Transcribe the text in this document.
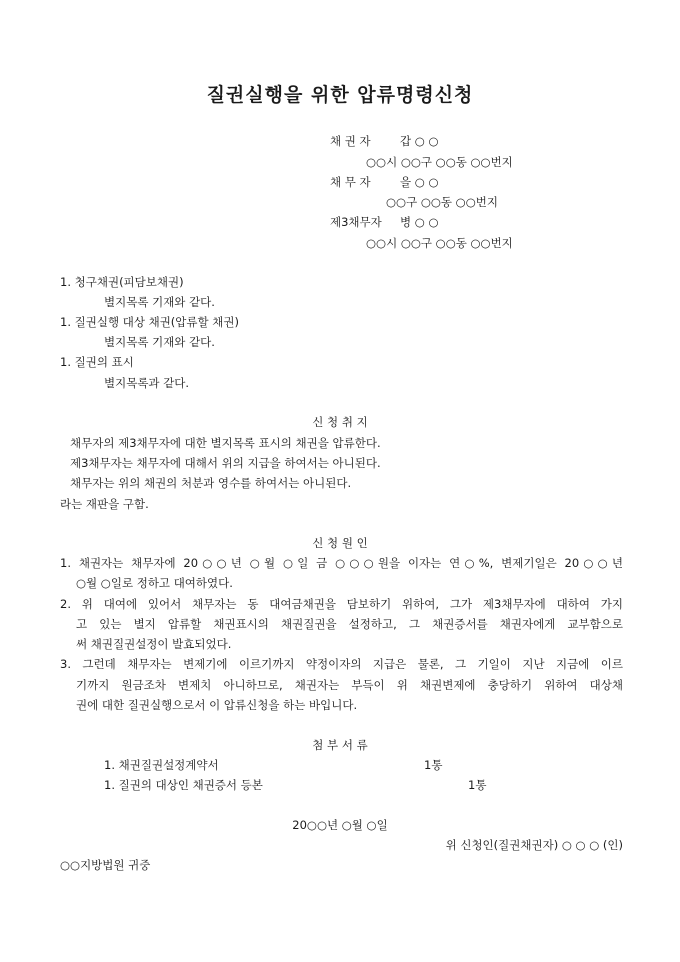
질권실행을 위한 압류명령신청
채 권 자	갑 ○ ○
○○시 ○○구 ○○동 ○○번지
채 무 자	을 ○ ○
○○구 ○○동 ○○번지
제3채무자 병 ○ ○
○○시 ○○구 ○○동 ○○번지
1. 청구채권(피담보채권)
별지목록 기재와 같다.
1. 질권실행 대상 채권(압류할 채권)
별지목록 기재와 같다.
1. 질권의 표시
별지목록과 같다.
신 청 취 지
채무자의 제3채무자에 대한 별지목록 표시의 채권을 압류한다.
제3채무자는 채무자에 대해서 위의 지급을 하여서는 아니된다.
채무자는 위의 채권의 처분과 영수를 하여서는 아니된다.
라는 재판을 구함.
신 청 원 인
1. 채권자는 채무자에 20○○년 ○월 ○일 금 ○○○원을 이자는 연○%, 변제기일은 20○○년
○월 ○일로 정하고 대여하였다.
2. 위 대여에 있어서 채무자는 동 대여금채권을 담보하기 위하여, 그가 제3채무자에 대하여 가지
고 있는 별지 압류할 채권표시의 채권질권을 설정하고, 그 채권증서를 채권자에게 교부함으로
써 채권질권설정이 발효되었다.
3. 그런데 채무자는 변제기에 이르기까지 약정이자의 지급은 물론, 그 기일이 지난 지금에 이르
기까지 원금조차 변제치 아니하므로, 채권자는 부득이 위 채권변제에 충당하기 위하여 대상채
권에 대한 질권실행으로서 이 압류신청을 하는 바입니다.
첨 부 서 류
1. 채권질권설정계약서	1통
1. 질권의 대상인 채권증서 등본	1통
20○○년 ○월 ○일
위 신청인(질권채권자) ○ ○ ○ (인)
○○지방법원 귀중
